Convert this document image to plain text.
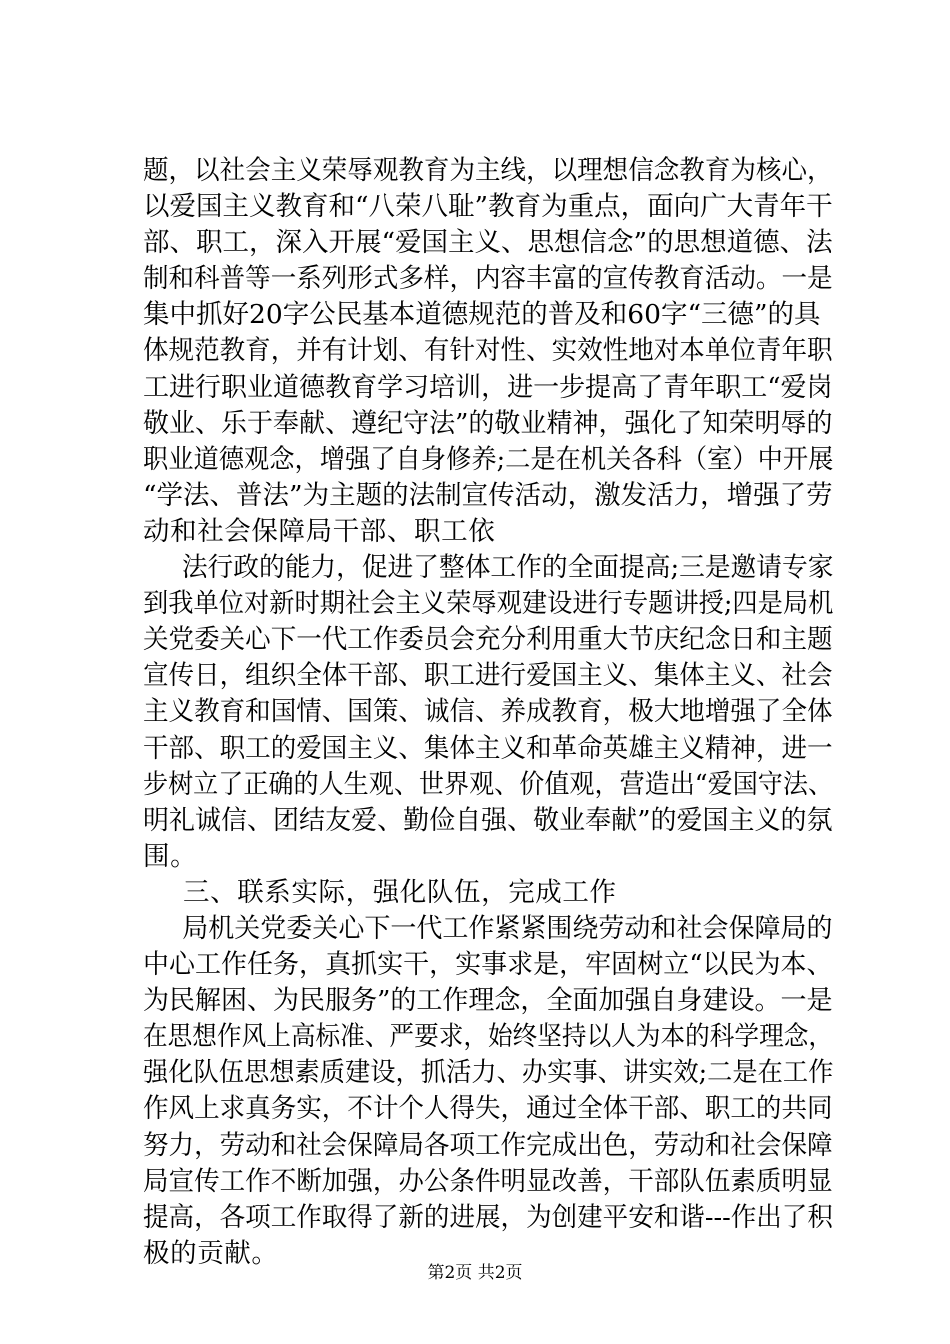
题，以社会主义荣辱观教育为主线，以理想信念教育为核心，
以爱国主义教育和“八荣八耻”教育为重点，面向广大青年干
部、职工，深入开展“爱国主义、思想信念”的思想道德、法
制和科普等一系列形式多样，内容丰富的宣传教育活动。一是
集中抓好20字公民基本道德规范的普及和60字“三德”的具
体规范教育，并有计划、有针对性、实效性地对本单位青年职
工进行职业道德教育学习培训，进一步提高了青年职工“爱岗
敬业、乐于奉献、遵纪守法”的敬业精神，强化了知荣明辱的
职业道德观念，增强了自身修养;二是在机关各科（室）中开展
“学法、普法”为主题的法制宣传活动，激发活力，增强了劳
动和社会保障局干部、职工依
法行政的能力，促进了整体工作的全面提高;三是邀请专家
到我单位对新时期社会主义荣辱观建设进行专题讲授;四是局机
关党委关心下一代工作委员会充分利用重大节庆纪念日和主题
宣传日，组织全体干部、职工进行爱国主义、集体主义、社会
主义教育和国情、国策、诚信、养成教育，极大地增强了全体
干部、职工的爱国主义、集体主义和革命英雄主义精神，进一
步树立了正确的人生观、世界观、价值观，营造出“爱国守法、
明礼诚信、团结友爱、勤俭自强、敬业奉献”的爱国主义的氛
围。
三、联系实际，强化队伍，完成工作
局机关党委关心下一代工作紧紧围绕劳动和社会保障局的
中心工作任务，真抓实干，实事求是，牢固树立“以民为本、
为民解困、为民服务”的工作理念，全面加强自身建设。一是
在思想作风上高标准、严要求，始终坚持以人为本的科学理念，
强化队伍思想素质建设，抓活力、办实事、讲实效;二是在工作
作风上求真务实，不计个人得失，通过全体干部、职工的共同
努力，劳动和社会保障局各项工作完成出色，劳动和社会保障
局宣传工作不断加强，办公条件明显改善，干部队伍素质明显
提高，各项工作取得了新的进展，为创建平安和谐---作出了积
极的贡献。
第2页 共2页
